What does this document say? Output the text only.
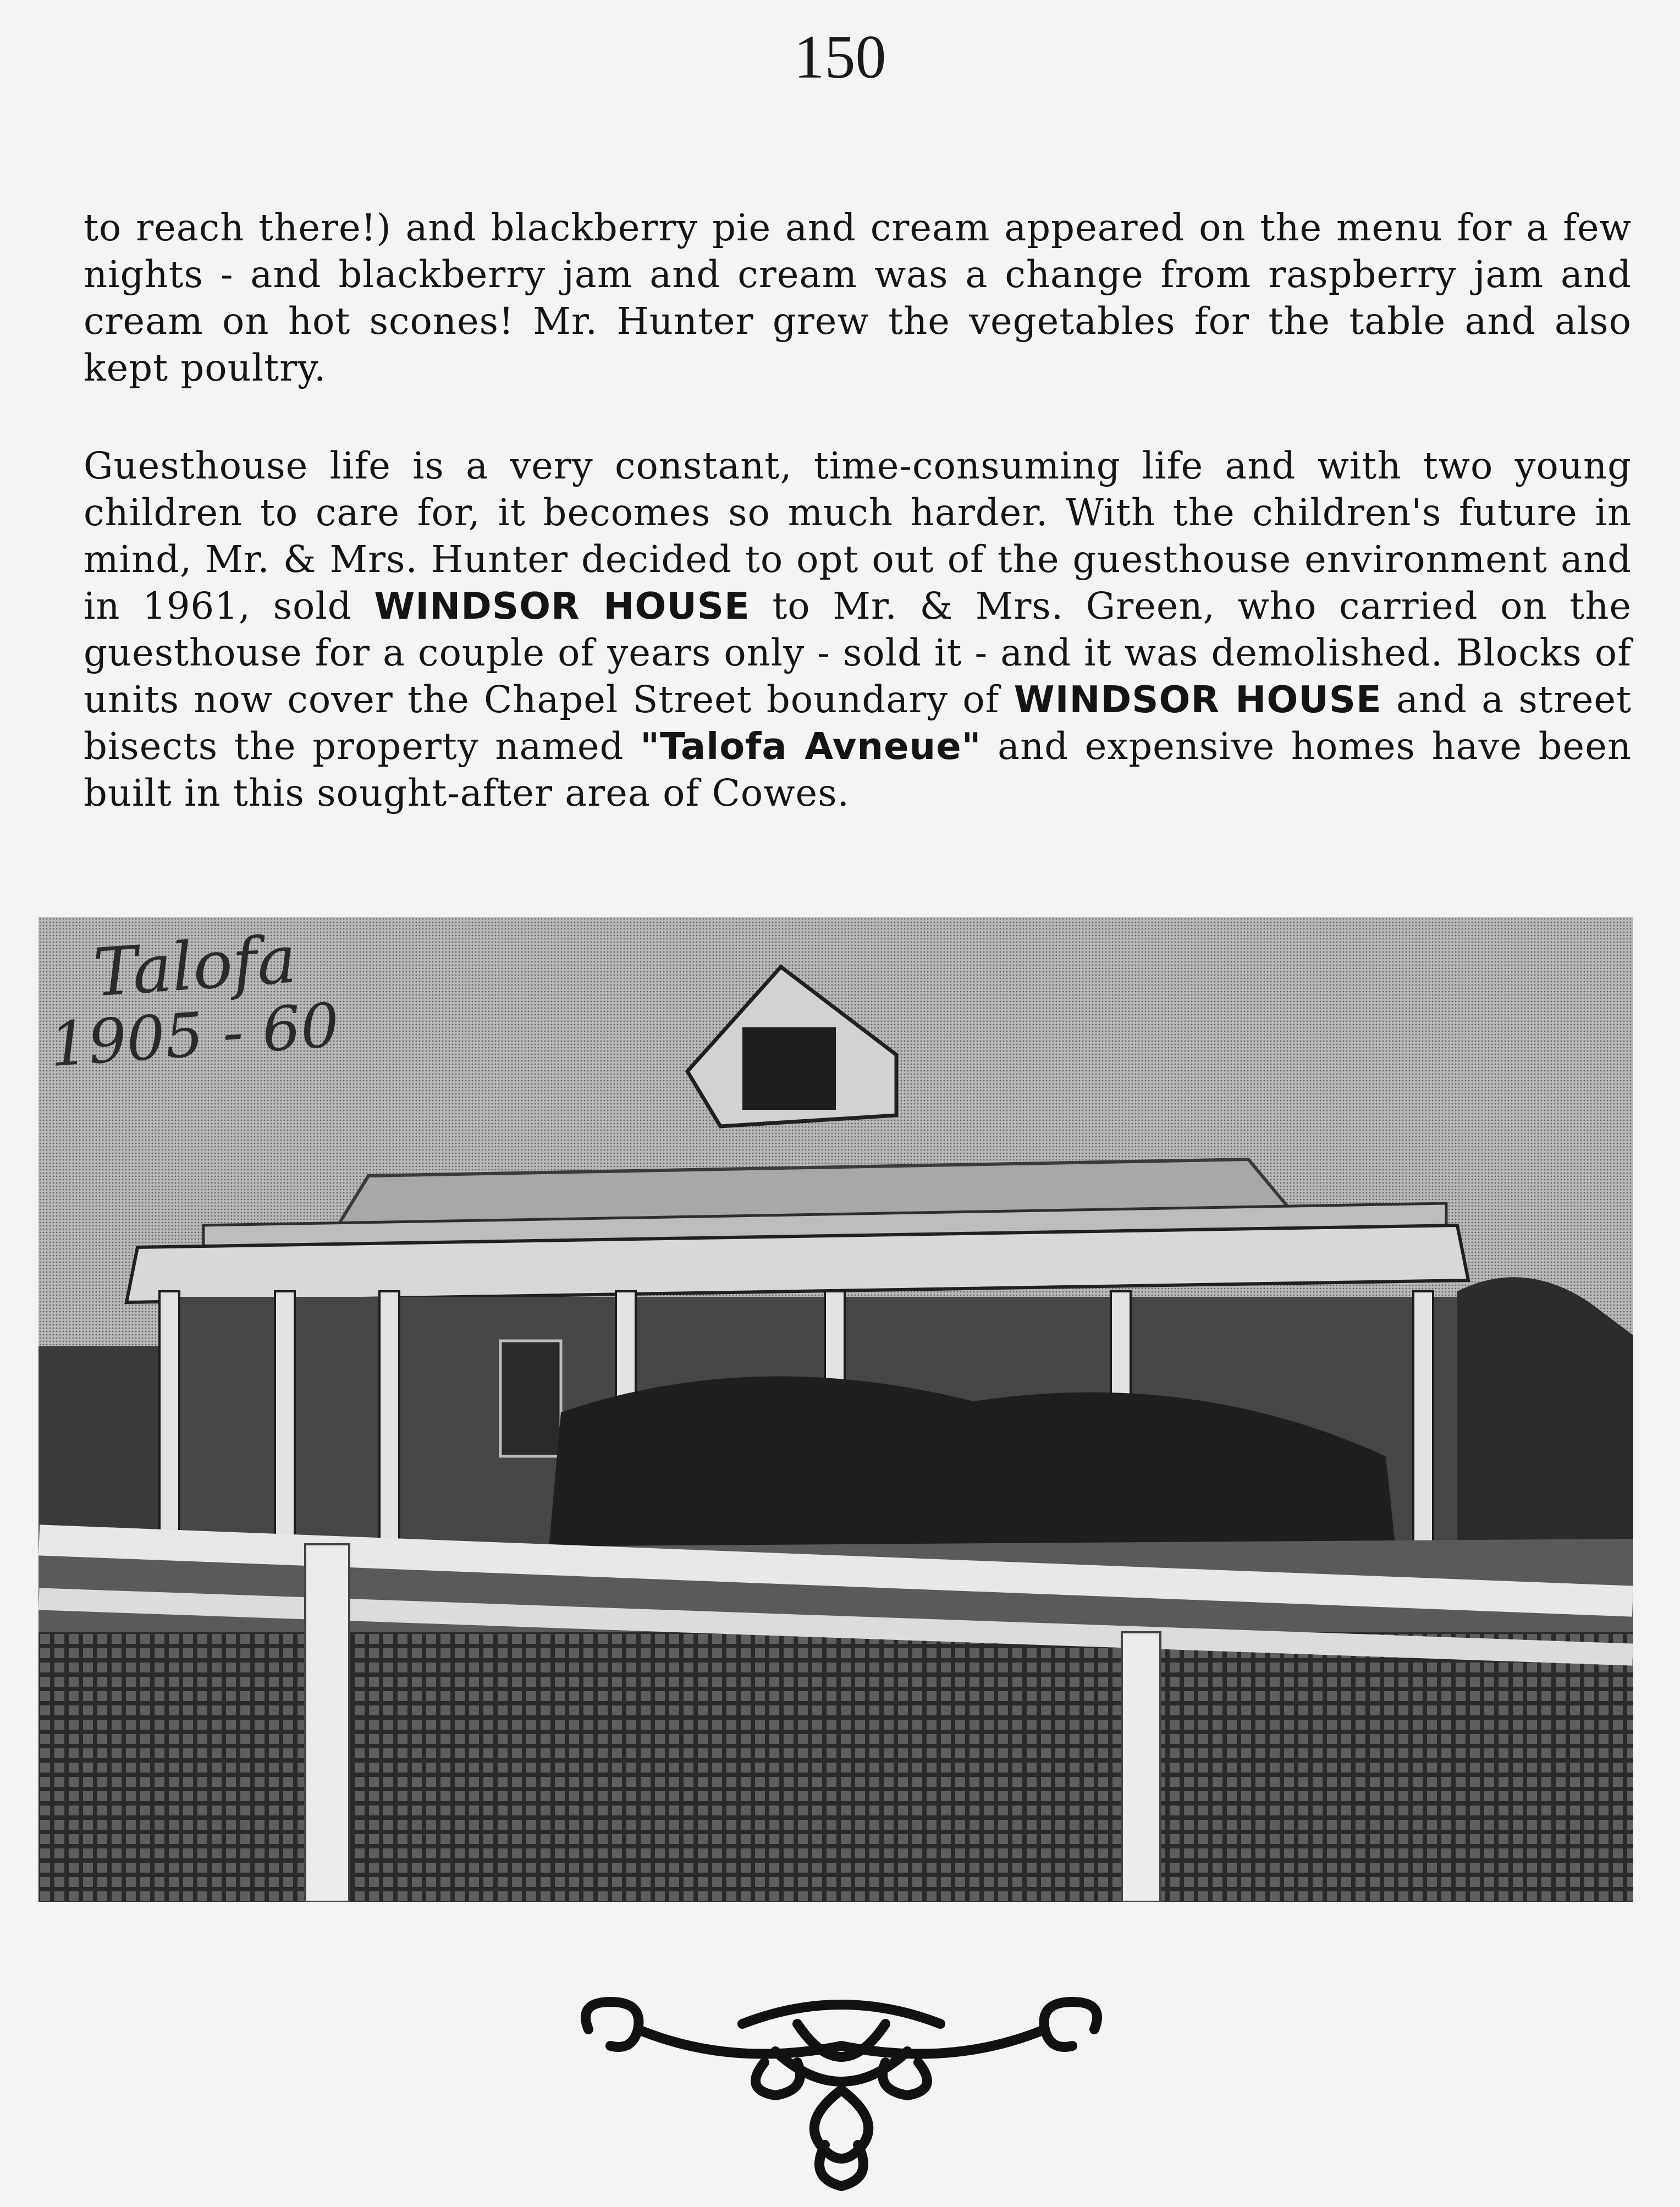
150

to reach there!) and blackberry pie and cream appeared on the menu for a few nights - and blackberry jam and cream was a change from raspberry jam and cream on hot scones! Mr. Hunter grew the vegetables for the table and also kept poultry.

Guesthouse life is a very constant, time-consuming life and with two young children to care for, it becomes so much harder. With the children's future in mind, Mr. & Mrs. Hunter decided to opt out of the guesthouse environment and in 1961, sold WINDSOR HOUSE to Mr. & Mrs. Green, who carried on the guesthouse for a couple of years only - sold it - and it was demolished. Blocks of units now cover the Chapel Street boundary of WINDSOR HOUSE and a street bisects the property named "Talofa Avneue" and expensive homes have been built in this sought-after area of Cowes.

Talofa
1905 - 60
